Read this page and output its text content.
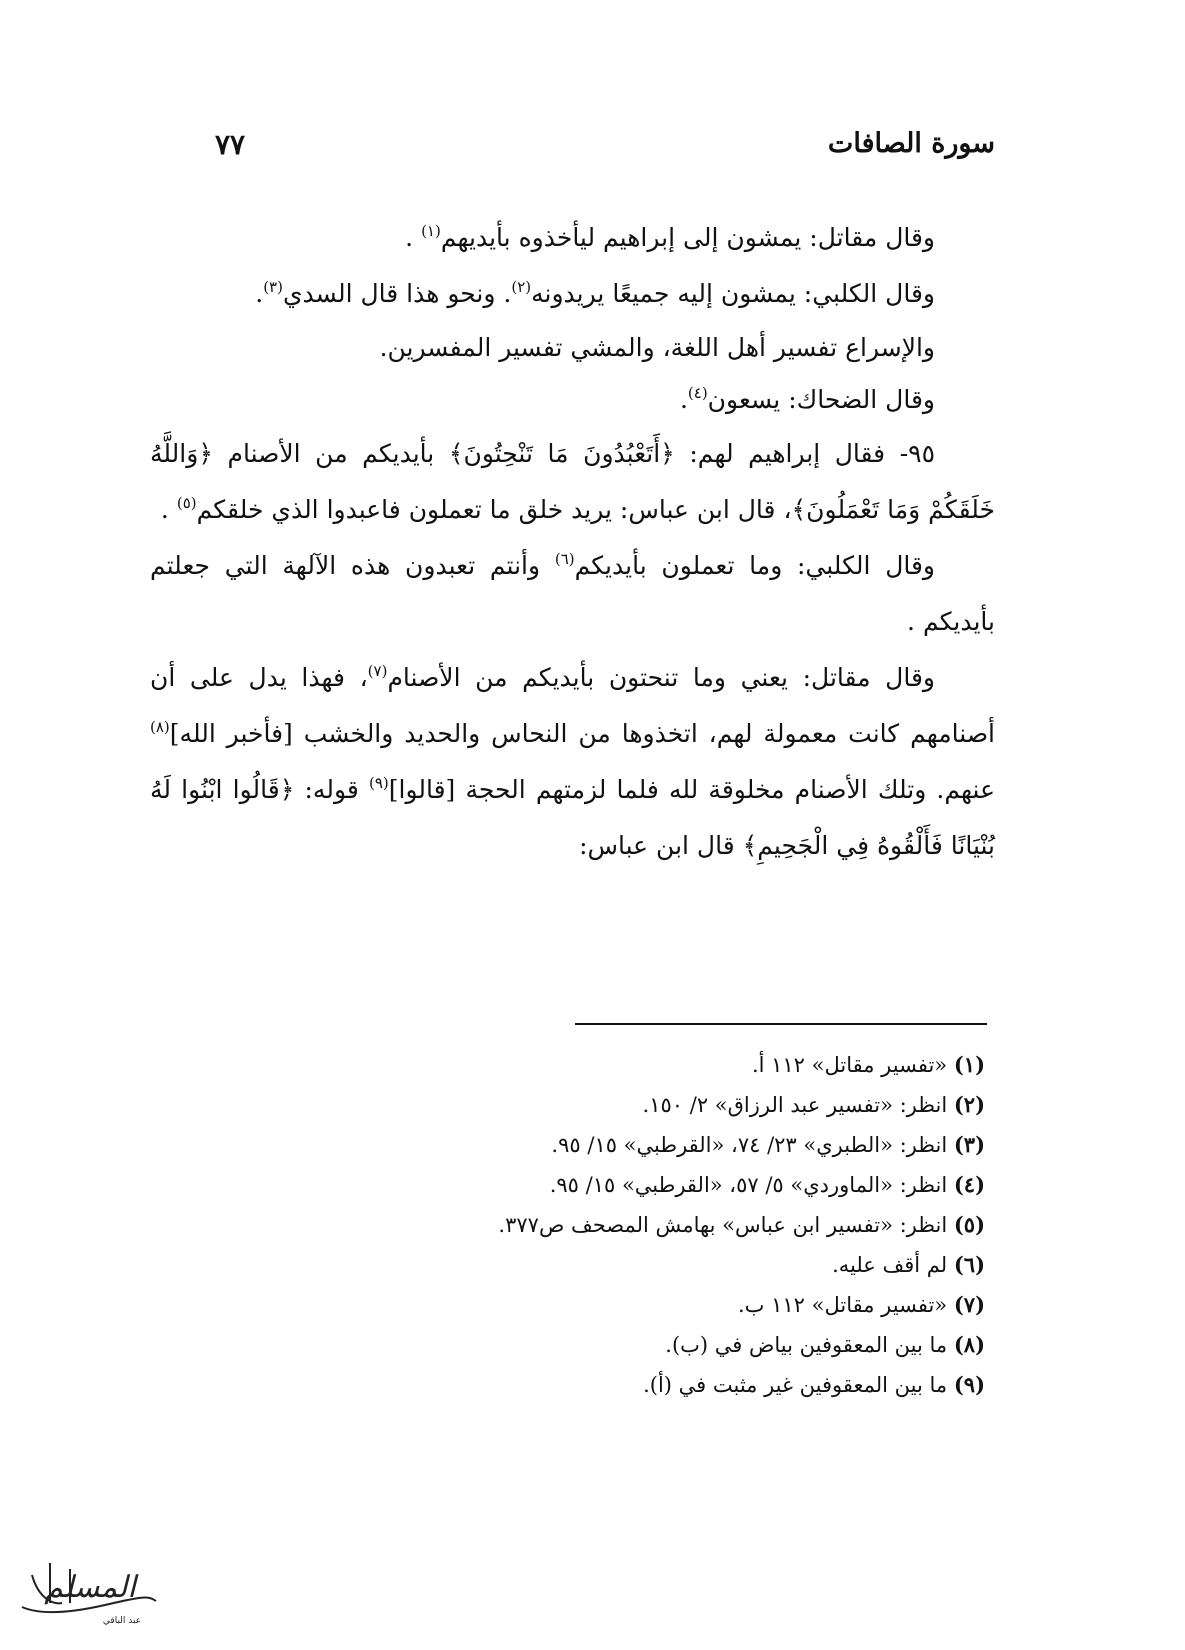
سورة الصافات
٧٧

وقال مقاتل: يمشون إلى إبراهيم ليأخذوه بأيديهم$^{(١)}$ .

وقال الكلبي: يمشون إليه جميعًا يريدونه$^{(٢)}$. ونحو هذا قال السدي$^{(٣)}$.

والإسراع تفسير أهل اللغة، والمشي تفسير المفسرين.

وقال الضحاك: يسعون$^{(٤)}$.

٩٥- فقال إبراهيم لهم: ﴿أَتَعْبُدُونَ مَا تَنْحِتُونَ﴾ بأيديكم من الأصنام ﴿وَاللَّهُ خَلَقَكُمْ وَمَا تَعْمَلُونَ﴾، قال ابن عباس: يريد خلق ما تعملون فاعبدوا الذي خلقكم$^{(٥)}$ .

وقال الكلبي: وما تعملون بأيديكم$^{(٦)}$ وأنتم تعبدون هذه الآلهة التي جعلتم بأيديكم .

وقال مقاتل: يعني وما تنحتون بأيديكم من الأصنام$^{(٧)}$، فهذا يدل على أن أصنامهم كانت معمولة لهم، اتخذوها من النحاس والحديد والخشب [فأخبر الله]$^{(٨)}$ عنهم. وتلك الأصنام مخلوقة لله فلما لزمتهم الحجة [قالوا]$^{(٩)}$ قوله: ﴿قَالُوا ابْنُوا لَهُ بُنْيَانًا فَأَلْقُوهُ فِي الْجَحِيمِ﴾ قال ابن عباس:

(١) «تفسير مقاتل» ١١٢ أ.
(٢) انظر: «تفسير عبد الرزاق» ٢/ ١٥٠.
(٣) انظر: «الطبري» ٢٣/ ٧٤، «القرطبي» ١٥/ ٩٥.
(٤) انظر: «الماوردي» ٥/ ٥٧، «القرطبي» ١٥/ ٩٥.
(٥) انظر: «تفسير ابن عباس» بهامش المصحف ص٣٧٧.
(٦) لم أقف عليه.
(٧) «تفسير مقاتل» ١١٢ ب.
(٨) ما بين المعقوفين بياض في (ب).
(٩) ما بين المعقوفين غير مثبت في (أ).
المسلم
عبد الباقي
